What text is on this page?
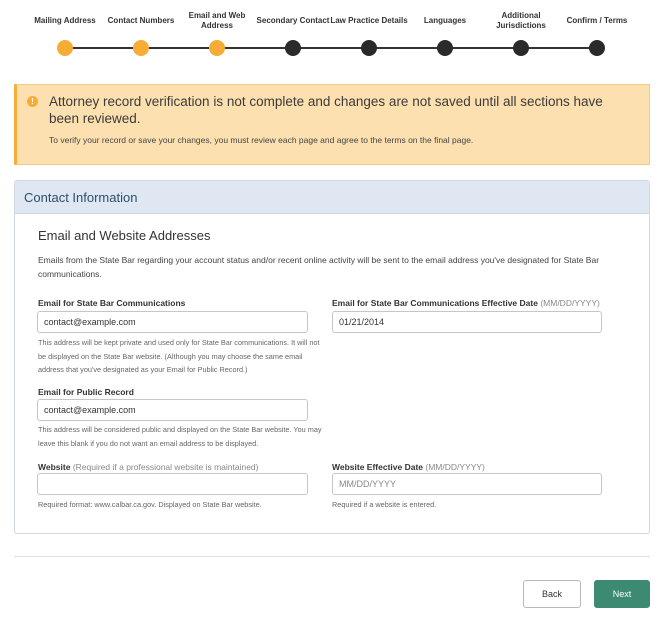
Mailing Address	Contact Numbers
Email and Web Address
Secondary Contact Law Practice Details	Languages
Additional Jurisdictions
Confirm / Terms
!	Attorney record verification is not complete and changes are not saved until all sections have been reviewed.
To verify your record or save your changes, you must review each page and agree to the terms on the final page.
Contact Information
Email and Website Addresses
Emails from the State Bar regarding your account status and/or recent online activity will be sent to the email address you've designated for State Bar communications.
Email for State Bar Communications
contact@example.com
This address will be kept private and used only for State Bar communications. It will not be displayed on the State Bar website. (Although you may choose the same email address that you've designated as your Email for Public Record.)
Email for State Bar Communications Effective Date (MM/DD/YYYY)
01/21/2014
Email for Public Record
contact@example.com
This address will be considered public and displayed on the State Bar website. You may leave this blank if you do not want an email address to be displayed.
Website (Required if a professional website is maintained)
Required format: www.calbar.ca.gov. Displayed on State Bar website.
Website Effective Date (MM/DD/YYYY)
MM/DD/YYYY
Required if a website is entered.
Back	Next
